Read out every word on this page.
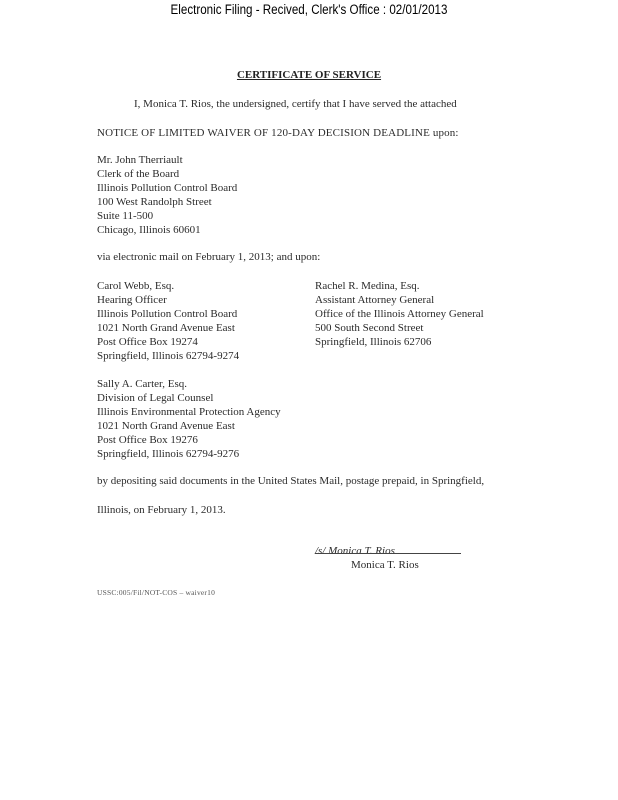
Electronic Filing - Recived, Clerk's Office : 02/01/2013
CERTIFICATE OF SERVICE
I, Monica T. Rios, the undersigned, certify that I have served the attached
NOTICE OF LIMITED WAIVER OF 120-DAY DECISION DEADLINE upon:
Mr. John Therriault
Clerk of the Board
Illinois Pollution Control Board
100 West Randolph Street
Suite 11-500
Chicago, Illinois 60601
via electronic mail on February 1, 2013; and upon:
Carol Webb, Esq.
Hearing Officer
Illinois Pollution Control Board
1021 North Grand Avenue East
Post Office Box 19274
Springfield, Illinois 62794-9274
Rachel R. Medina, Esq.
Assistant Attorney General
Office of the Illinois Attorney General
500 South Second Street
Springfield, Illinois 62706
Sally A. Carter, Esq.
Division of Legal Counsel
Illinois Environmental Protection Agency
1021 North Grand Avenue East
Post Office Box 19276
Springfield, Illinois 62794-9276
by depositing said documents in the United States Mail, postage prepaid, in Springfield,
Illinois, on February 1, 2013.
/s/ Monica T. Rios
Monica T. Rios
USSC:005/Fil/NOT-COS – waiver10
